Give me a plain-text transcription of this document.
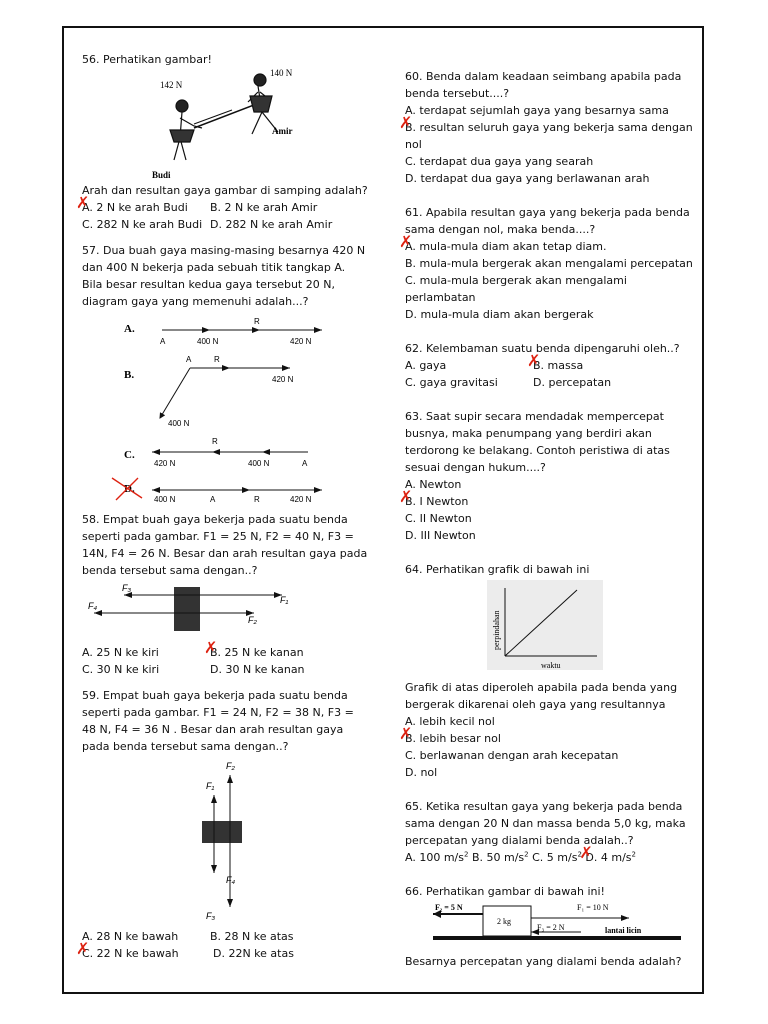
56. Perhatikan gambar!
142 N
140 N
Budi
Amir
Arah dan resultan gaya gambar di samping adalah?
A. 2 N ke arah Budi ✗	B. 2 N ke arah Amir
C. 282 N ke arah Budi D. 282 N ke arah Amir
57. Dua buah gaya masing-masing besarnya 420 N
dan 400 N bekerja pada sebuah titik tangkap A.
Bila besar resultan kedua gaya tersebut 20 N,
diagram gaya yang memenuhi adalah...?
A.
A	400 N
R
420 N
B.
A	R
420 N
400 N
C.
R
420 N	400 N	A
D.
400 N	A	R	420 N
58. Empat buah gaya bekerja pada suatu benda
seperti pada gambar. F1 = 25 N, F2 = 40 N, F3 =
14N, F4 = 26 N. Besar dan arah resultan gaya pada
benda tersebut sama dengan..?
F₃
F₁
F₄
F₂
A. 25 N ke kiri	B. 25 N ke kanan ✗
C. 30 N ke kiri	D. 30 N ke kanan
59. Empat buah gaya bekerja pada suatu benda
seperti pada gambar. F1 = 24 N, F2 = 38 N, F3 =
48 N, F4 = 36 N . Besar dan arah resultan gaya
pada benda tersebut sama dengan..?
F₂
F₁
F₄
F₃
A. 28 N ke bawah	B. 28 N ke atas
C. 22 N ke bawah ✗	D. 22N ke atas
60. Benda dalam keadaan seimbang apabila pada
benda tersebut....?
A. terdapat sejumlah gaya yang besarnya sama
B. resultan seluruh gaya yang bekerja sama dengan ✗
nol
C. terdapat dua gaya yang searah
D. terdapat dua gaya yang berlawanan arah
61. Apabila resultan gaya yang bekerja pada benda
sama dengan nol, maka benda....?
A. mula-mula diam akan tetap diam. ✗
B. mula-mula bergerak akan mengalami percepatan
C. mula-mula bergerak akan mengalami
perlambatan
D. mula-mula diam akan bergerak
62. Kelembaman suatu benda dipengaruhi oleh..?
A. gaya	B. massa ✗
C. gaya gravitasi	D. percepatan
63. Saat supir secara mendadak mempercepat
busnya, maka penumpang yang berdiri akan
terdorong ke belakang. Contoh peristiwa di atas
sesuai dengan hukum....?
A. Newton
B. I Newton ✗
C. II Newton
D. III Newton
64. Perhatikan grafik di bawah ini
perpindahan
waktu
Grafik di atas diperoleh apabila pada benda yang
bergerak dikarenai oleh gaya yang resultannya
A. lebih kecil nol
B. lebih besar nol ✗
C. berlawanan dengan arah kecepatan
D. nol
65. Ketika resultan gaya yang bekerja pada benda
sama dengan 20 N dan massa benda 5,0 kg, maka
percepatan yang dialami benda adalah..?
A. 100 $m/s^2$ B. 50 $m/s^2$ C. 5 $m/s^2$ D. 4 $m/s^2$ ✗
66. Perhatikan gambar di bawah ini!
F₂ = 5 N	F₁ = 10 N
2 kg
F₃ = 2 N	lantai licin
Besarnya percepatan yang dialami benda adalah?
